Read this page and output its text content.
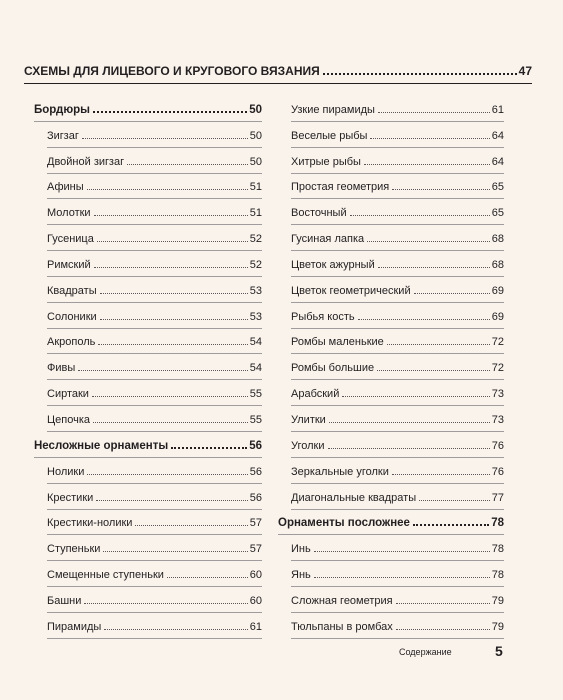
СХЕМЫ ДЛЯ ЛИЦЕВОГО И КРУГОВОГО ВЯЗАНИЯ	47
Бордюры	50
Зигзаг	50
Двойной зигзаг	50
Афины	51
Молотки	51
Гусеница	52
Римский	52
Квадраты	53
Солоники	53
Акрополь	54
Фивы	54
Сиртаки	55
Цепочка	55
Несложные орнаменты	56
Нолики	56
Крестики	56
Крестики-нолики	57
Ступеньки	57
Смещенные ступеньки	60
Башни	60
Пирамиды	61
Узкие пирамиды	61
Веселые рыбы	64
Хитрые рыбы	64
Простая геометрия	65
Восточный	65
Гусиная лапка	68
Цветок ажурный	68
Цветок геометрический	69
Рыбья кость	69
Ромбы маленькие	72
Ромбы большие	72
Арабский	73
Улитки	73
Уголки	76
Зеркальные уголки	76
Диагональные квадраты	77
Орнаменты посложнее	78
Инь	78
Янь	78
Сложная геометрия	79
Тюльпаны в ромбах	79
Содержание	5
